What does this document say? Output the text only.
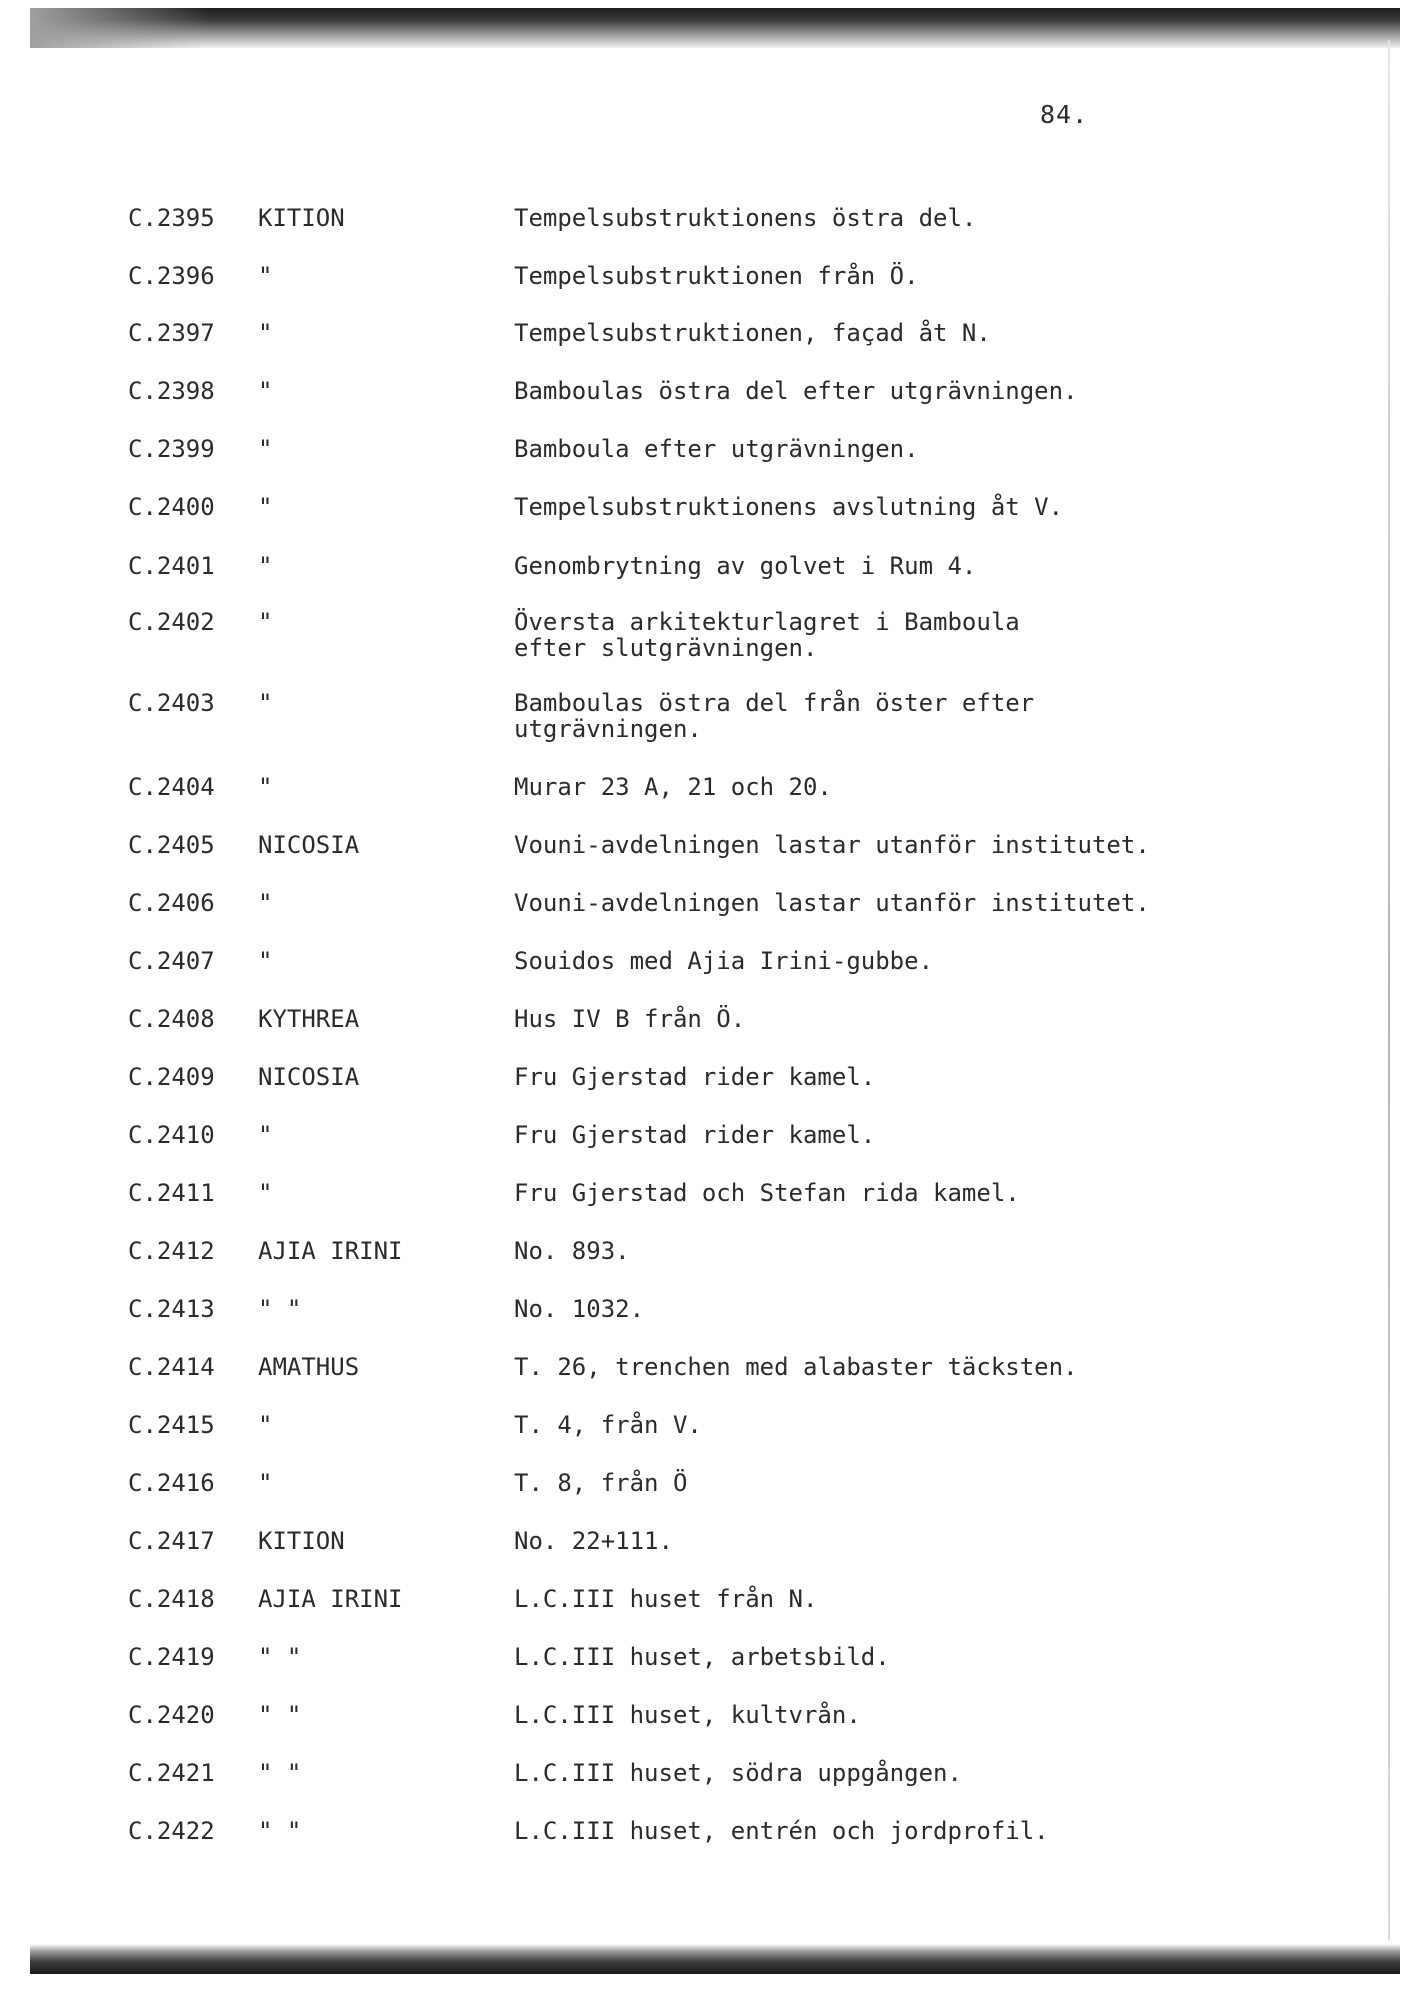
84.
C.2395 KITION	Tempelsubstruktionens östra del.
C.2396 "	Tempelsubstruktionen från Ö.
C.2397 "	Tempelsubstruktionen, façad åt N.
C.2398 "	Bamboulas östra del efter utgrävningen.
C.2399 "	Bamboula efter utgrävningen.
C.2400 "	Tempelsubstruktionens avslutning åt V.
C.2401 "	Genombrytning av golvet i Rum 4.
C.2402 "	Översta arkitekturlagret i Bamboula
efter slutgrävningen.
C.2403 "	Bamboulas östra del från öster efter
utgrävningen.
C.2404 "	Murar 23 A, 21 och 20.
C.2405 NICOSIA	Vouni-avdelningen lastar utanför institutet.
C.2406 "	Vouni-avdelningen lastar utanför institutet.
C.2407 "	Souidos med Ajia Irini-gubbe.
C.2408 KYTHREA	Hus IV B från Ö.
C.2409 NICOSIA	Fru Gjerstad rider kamel.
C.2410 "	Fru Gjerstad rider kamel.
C.2411 "	Fru Gjerstad och Stefan rida kamel.
C.2412 AJIA IRINI	No. 893.
C.2413 " "	No. 1032.
C.2414 AMATHUS	T. 26, trenchen med alabaster täcksten.
C.2415 "	T. 4, från V.
C.2416 "	T. 8, från Ö
C.2417 KITION	No. 22+111.
C.2418 AJIA IRINI	L.C.III huset från N.
C.2419 " "	L.C.III huset, arbetsbild.
C.2420 " "	L.C.III huset, kultvrån.
C.2421 " "	L.C.III huset, södra uppgången.
C.2422 " "	L.C.III huset, entrén och jordprofil.
